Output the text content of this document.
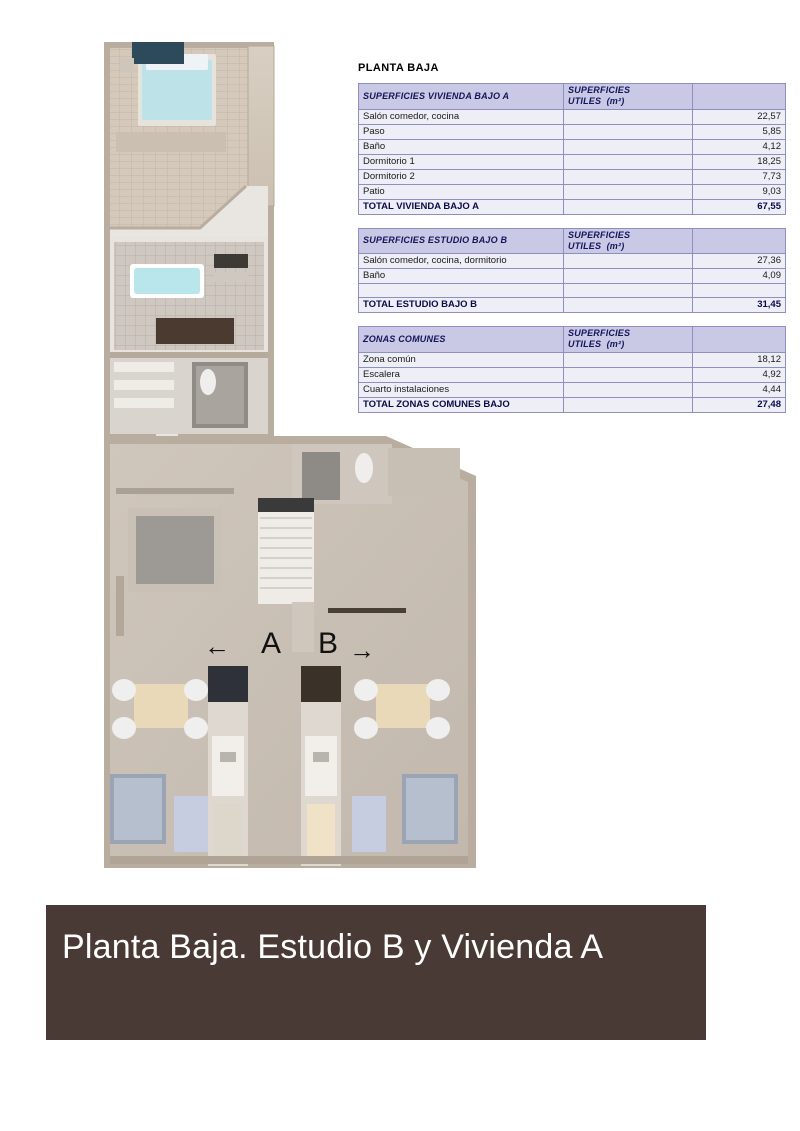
← A B →
PLANTA BAJA
SUPERFICIES VIVIENDA BAJO A	SUPERFICIES UTILES (m²)	
Salón comedor, cocina		22,57
Paso		5,85
Baño		4,12
Dormitorio 1		18,25
Dormitorio 2		7,73
Patio		9,03
TOTAL VIVIENDA BAJO A		67,55
SUPERFICIES ESTUDIO BAJO B	SUPERFICIES UTILES (m²)	
Salón comedor, cocina, dormitorio		27,36
Baño		4,09

TOTAL ESTUDIO BAJO B		31,45
ZONAS COMUNES	SUPERFICIES UTILES (m²)	
Zona común		18,12
Escalera		4,92
Cuarto instalaciones		4,44
TOTAL ZONAS COMUNES BAJO		27,48
Planta Baja. Estudio B y Vivienda A
